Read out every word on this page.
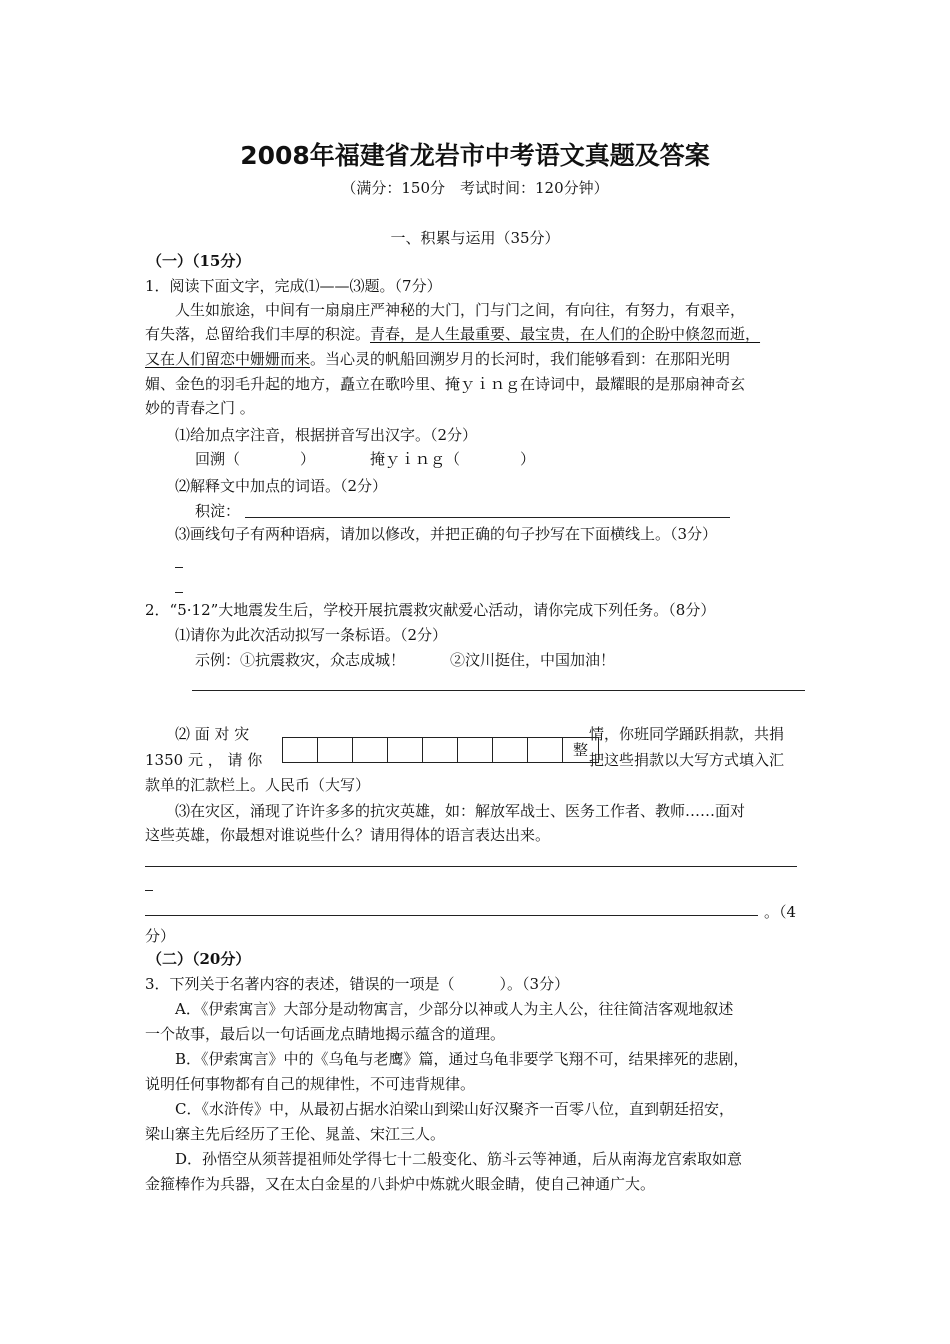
2008年福建省龙岩市中考语文真题及答案
（满分：150分　考试时间：120分钟）
一、积累与运用（35分）
（一）（15分）
1．阅读下面文字，完成⑴——⑶题。（7分）
人生如旅途，中间有一扇扇庄严神秘的大门，门与门之间，有向往，有努力，有艰辛，
有失落，总留给我们丰厚的积淀。青春，是人生最重要、最宝贵，在人们的企盼中倏忽而逝，
又在人们留恋中姗姗而来。当心灵的帆船回溯岁月的长河时，我们能够看到：在那阳光明
媚、金色的羽毛升起的地方，矗立在歌吟里、掩ｙｉｎｇ在诗词中，最耀眼的是那扇神奇玄
妙的青春之门 。
⑴给加点字注音，根据拼音写出汉字。（2分）
回溯（　　　　）	掩ｙｉｎｇ（　　　　）
⑵解释文中加点的词语。（2分）
积淀：
⑶画线句子有两种语病，请加以修改，并把正确的句子抄写在下面横线上。（3分）
2．“5·12”大地震发生后，学校开展抗震救灾献爱心活动，请你完成下列任务。（8分）
⑴请你为此次活动拟写一条标语。（2分）
示例：①抗震救灾，众志成城！　　　②汶川挺住，中国加油！
⑵ 面 对 灾	情，你班同学踊跃捐款，共捐
1350 元 ， 请 你	把这些捐款以大写方式填入汇
款单的汇款栏上。人民币（大写）
整
⑶在灾区，涌现了许许多多的抗灾英雄，如：解放军战士、医务工作者、教师……面对
这些英雄，你最想对谁说些什么？请用得体的语言表达出来。
。（4
分）
（二）（20分）
3．下列关于名著内容的表述，错误的一项是（　　　）。（3分）
A．《伊索寓言》大部分是动物寓言，少部分以神或人为主人公，往往简洁客观地叙述
一个故事，最后以一句话画龙点睛地揭示蕴含的道理。
B．《伊索寓言》中的《乌龟与老鹰》篇，通过乌龟非要学飞翔不可，结果摔死的悲剧，
说明任何事物都有自己的规律性，不可违背规律。
C．《水浒传》中，从最初占据水泊梁山到梁山好汉聚齐一百零八位，直到朝廷招安，
梁山寨主先后经历了王伦、晁盖、宋江三人。
D．孙悟空从须菩提祖师处学得七十二般变化、筋斗云等神通，后从南海龙宫索取如意
金箍棒作为兵器，又在太白金星的八卦炉中炼就火眼金睛，使自己神通广大。
